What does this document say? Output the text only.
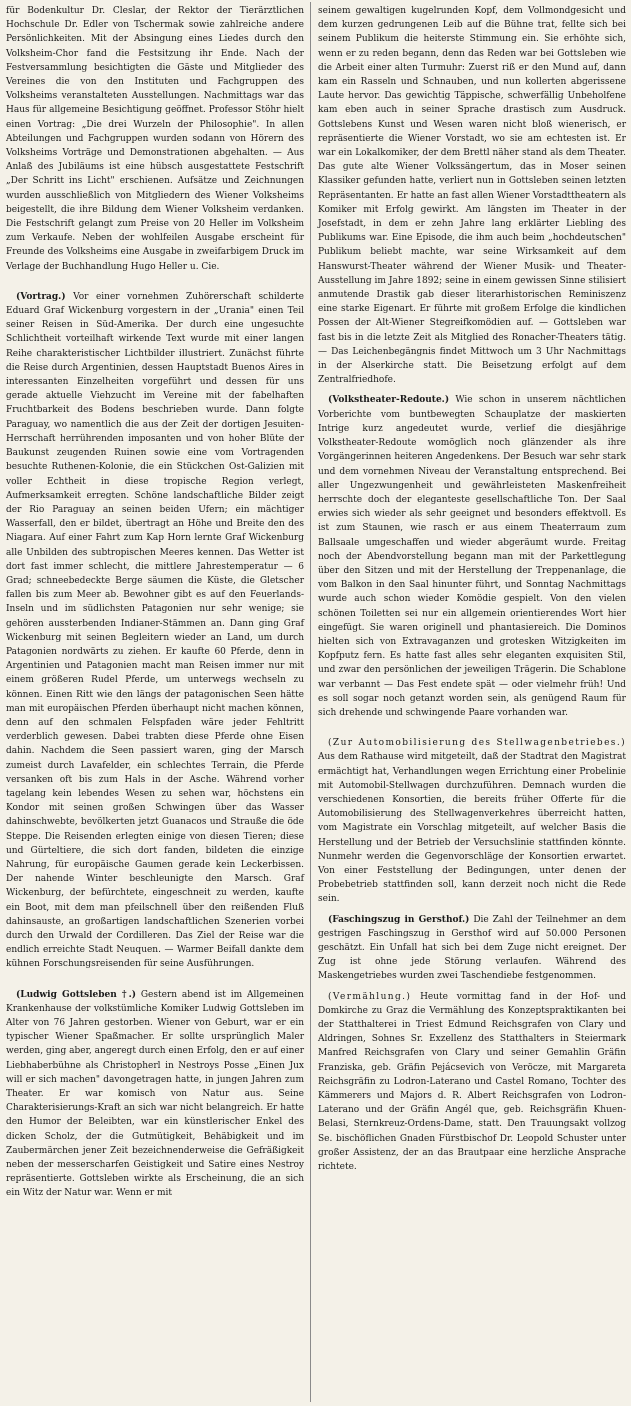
für Bodenkultur Dr. Cleslar, der Rektor der Tierärztlichen Hochschule Dr. Edler von Tschermak sowie zahlreiche andere Persönlichkeiten. Mit der Absingung eines Liedes durch den Volksheim-Chor fand die Festsitzung ihr Ende. Nach der Festversammlung besichtigten die Gäste und Mitglieder des Vereines die von den Instituten und Fachgruppen des Volksheims veranstalteten Ausstellungen. Nachmittags war das Haus für allgemeine Besichtigung geöffnet. Professor Stöhr hielt einen Vortrag: „Die drei Wurzeln der Philosophie". In allen Abteilungen und Fachgruppen wurden sodann von Hörern des Volksheims Vorträge und Demonstrationen abgehalten. — Aus Anlaß des Jubiläums ist eine hübsch ausgestattete Festschrift „Der Schritt ins Licht" erschienen. Aufsätze und Zeichnungen wurden ausschließlich von Mitgliedern des Wiener Volksheims beigestellt, die ihre Bildung dem Wiener Volksheim verdanken. Die Festschrift gelangt zum Preise von 20 Heller im Volksheim zum Verkaufe. Neben der wohlfeilen Ausgabe erscheint für Freunde des Volksheims eine Ausgabe in zweifarbigem Druck im Verlage der Buchhandlung Hugo Heller u. Cie.

(Vortrag.) Vor einer vornehmen Zuhörerschaft schilderte Eduard Graf Wickenburg vorgestern in der „Urania" einen Teil seiner Reisen in Süd-Amerika. Der durch eine ungesuchte Schlichtheit vorteilhaft wirkende Text wurde mit einer langen Reihe charakteristischer Lichtbilder illustriert. Zunächst führte die Reise durch Argentinien, dessen Hauptstadt Buenos Aires in interessanten Einzelheiten vorgeführt und dessen für uns gerade aktuelle Viehzucht im Vereine mit der fabelhaften Fruchtbarkeit des Bodens beschrieben wurde. Dann folgte Paraguay, wo namentlich die aus der Zeit der dortigen Jesuiten-Herrschaft herrührenden imposanten und von hoher Blüte der Baukunst zeugenden Ruinen sowie eine vom Vortragenden besuchte Ruthenen-Kolonie, die ein Stückchen Ost-Galizien mit voller Echtheit in diese tropische Region verlegt, Aufmerksamkeit erregten. Schöne landschaftliche Bilder zeigt der Rio Paraguay an seinen beiden Ufern; ein mächtiger Wasserfall, den er bildet, übertragt an Höhe und Breite den des Niagara. Auf einer Fahrt zum Kap Horn lernte Graf Wickenburg alle Unbilden des subtropischen Meeres kennen. Das Wetter ist dort fast immer schlecht, die mittlere Jahrestemperatur — 6 Grad; schneebedeckte Berge säumen die Küste, die Gletscher fallen bis zum Meer ab. Bewohner gibt es auf den Feuerlands-Inseln und im südlichsten Patagonien nur sehr wenige; sie gehören aussterbenden Indianer-Stämmen an. Dann ging Graf Wickenburg mit seinen Begleitern wieder an Land, um durch Patagonien nordwärts zu ziehen. Er kaufte 60 Pferde, denn in Argentinien und Patagonien macht man Reisen immer nur mit einem größeren Rudel Pferde, um unterwegs wechseln zu können. Einen Ritt wie den längs der patagonischen Seen hätte man mit europäischen Pferden überhaupt nicht machen können, denn auf den schmalen Felspfaden wäre jeder Fehltritt verderblich gewesen. Dabei trabten diese Pferde ohne Eisen dahin. Nachdem die Seen passiert waren, ging der Marsch zumeist durch Lavafelder, ein schlechtes Terrain, die Pferde versanken oft bis zum Hals in der Asche. Während vorher tagelang kein lebendes Wesen zu sehen war, höchstens ein Kondor mit seinen großen Schwingen über das Wasser dahinschwebte, bevölkerten jetzt Guanacos und Strauße die öde Steppe. Die Reisenden erlegten einige von diesen Tieren; diese und Gürteltiere, die sich dort fanden, bildeten die einzige Nahrung, für europäische Gaumen gerade kein Leckerbissen. Der nahende Winter beschleunigte den Marsch. Graf Wickenburg, der befürchtete, eingeschneit zu werden, kaufte ein Boot, mit dem man pfeilschnell über den reißenden Fluß dahinsauste, an großartigen landschaftlichen Szenerien vorbei durch den Urwald der Cordilleren. Das Ziel der Reise war die endlich erreichte Stadt Neuquen. — Warmer Beifall dankte dem kühnen Forschungsreisenden für seine Ausführungen.

(Ludwig Gottsleben †.) Gestern abend ist im Allgemeinen Krankenhause der volkstümliche Komiker Ludwig Gottsleben im Alter von 76 Jahren gestorben. Wiener von Geburt, war er ein typischer Wiener Spaßmacher. Er sollte ursprünglich Maler werden, ging aber, angeregt durch einen Erfolg, den er auf einer Liebhaberbühne als Christopherl in Nestroys Posse „Einen Jux will er sich machen" davongetragen hatte, in jungen Jahren zum Theater. Er war komisch von Natur aus. Seine Charakterisierungs-Kraft an sich war nicht belangreich. Er hatte den Humor der Beleibten, war ein künstlerischer Enkel des dicken Scholz, der die Gutmütigkeit, Behäbigkeit und im Zaubermärchen jener Zeit bezeichnenderweise die Gefräßigkeit neben der messerscharfen Geistigkeit und Satire eines Nestroy repräsentierte. Gottsleben wirkte als Erscheinung, die an sich ein Witz der Natur war. Wenn er mit

seinem gewaltigen kugelrunden Kopf, dem Vollmondgesicht und dem kurzen gedrungenen Leib auf die Bühne trat, fellte sich bei seinem Publikum die heiterste Stimmung ein. Sie erhöhte sich, wenn er zu reden begann, denn das Reden war bei Gottsleben wie die Arbeit einer alten Turmuhr: Zuerst riß er den Mund auf, dann kam ein Rasseln und Schnauben, und nun kollerten abgerissene Laute hervor. Das gewichtig Täppische, schwerfällig Unbeholfene kam eben auch in seiner Sprache drastisch zum Ausdruck. Gottslebens Kunst und Wesen waren nicht bloß wienerisch, er repräsentierte die Wiener Vorstadt, wo sie am echtesten ist. Er war ein Lokalkomiker, der dem Brettl näher stand als dem Theater. Das gute alte Wiener Volkssängertum, das in Moser seinen Klassiker gefunden hatte, verliert nun in Gottsleben seinen letzten Repräsentanten. Er hatte an fast allen Wiener Vorstadttheatern als Komiker mit Erfolg gewirkt. Am längsten im Theater in der Josefstadt, in dem er zehn Jahre lang erklärter Liebling des Publikums war. Eine Episode, die ihm auch beim „hochdeutschen" Publikum beliebt machte, war seine Wirksamkeit auf dem Hanswurst-Theater während der Wiener Musik- und Theater-Ausstellung im Jahre 1892; seine in einem gewissen Sinne stilisiert anmutende Drastik gab dieser literarhistorischen Reminiszenz eine starke Eigenart. Er führte mit großem Erfolge die kindlichen Possen der Alt-Wiener Stegreifkomödien auf. — Gottsleben war fast bis in die letzte Zeit als Mitglied des Ronacher-Theaters tätig. — Das Leichenbegängnis findet Mittwoch um 3 Uhr Nachmittags in der Alserkirche statt. Die Beisetzung erfolgt auf dem Zentralfriedhofe.

(Volkstheater-Redoute.) Wie schon in unserem nächtlichen Vorberichte vom buntbewegten Schauplatze der maskierten Intrige kurz angedeutet wurde, verlief die diesjährige Volkstheater-Redoute womöglich noch glänzender als ihre Vorgängerinnen heiteren Angedenkens. Der Besuch war sehr stark und dem vornehmen Niveau der Veranstaltung entsprechend. Bei aller Ungezwungenheit und gewährleisteten Maskenfreiheit herrschte doch der eleganteste gesellschaftliche Ton. Der Saal erwies sich wieder als sehr geeignet und besonders effektvoll. Es ist zum Staunen, wie rasch er aus einem Theaterraum zum Ballsaale umgeschaffen und wieder abgeräumt wurde. Freitag noch der Abendvorstellung begann man mit der Parkettlegung über den Sitzen und mit der Herstellung der Treppenanlage, die vom Balkon in den Saal hinunter führt, und Sonntag Nachmittags wurde auch schon wieder Komödie gespielt. Von den vielen schönen Toiletten sei nur ein allgemein orientierendes Wort hier eingefügt. Sie waren originell und phantasiereich. Die Dominos hielten sich von Extravaganzen und grotesken Witzigkeiten im Kopfputz fern. Es hatte fast alles sehr eleganten exquisiten Stil, und zwar den persönlichen der jeweiligen Trägerin. Die Schablone war verbannt — Das Fest endete spät — oder vielmehr früh! Und es soll sogar noch getanzt worden sein, als genügend Raum für sich drehende und schwingende Paare vorhanden war.

(Zur Automobilisierung des Stellwagenbetriebes.) Aus dem Rathause wird mitgeteilt, daß der Stadtrat den Magistrat ermächtigt hat, Verhandlungen wegen Errichtung einer Probelinie mit Automobil-Stellwagen durchzuführen. Demnach wurden die verschiedenen Konsortien, die bereits früher Offerte für die Automobilisierung des Stellwagenverkehres überreicht hatten, vom Magistrate ein Vorschlag mitgeteilt, auf welcher Basis die Herstellung und der Betrieb der Versuchslinie stattfinden könnte. Nunmehr werden die Gegenvorschläge der Konsortien erwartet. Von einer Feststellung der Bedingungen, unter denen der Probebetrieb stattfinden soll, kann derzeit noch nicht die Rede sein.

(Faschingszug in Gersthof.) Die Zahl der Teilnehmer an dem gestrigen Faschingszug in Gersthof wird auf 50.000 Personen geschätzt. Ein Unfall hat sich bei dem Zuge nicht ereignet. Der Zug ist ohne jede Störung verlaufen. Während des Maskengetriebes wurden zwei Taschendiebe festgenommen.

(Vermählung.) Heute vormittag fand in der Hof- und Domkirche zu Graz die Vermählung des Konzeptspraktikanten bei der Statthalterei in Triest Edmund Reichsgrafen von Clary und Aldringen, Sohnes Sr. Exzellenz des Statthalters in Steiermark Manfred Reichsgrafen von Clary und seiner Gemahlin Gräfin Franziska, geb. Gräfin Pejácsevich von Veröcze, mit Margareta Reichsgräfin zu Lodron-Laterano und Castel Romano, Tochter des Kämmerers und Majors d. R. Albert Reichsgrafen von Lodron-Laterano und der Gräfin Angél que, geb. Reichsgräfin Khuen-Belasi, Sternkreuz-Ordens-Dame, statt. Den Trauungsakt vollzog Se. bischöflichen Gnaden Fürstbischof Dr. Leopold Schuster unter großer Assistenz, der an das Brautpaar eine herzliche Ansprache richtete.
